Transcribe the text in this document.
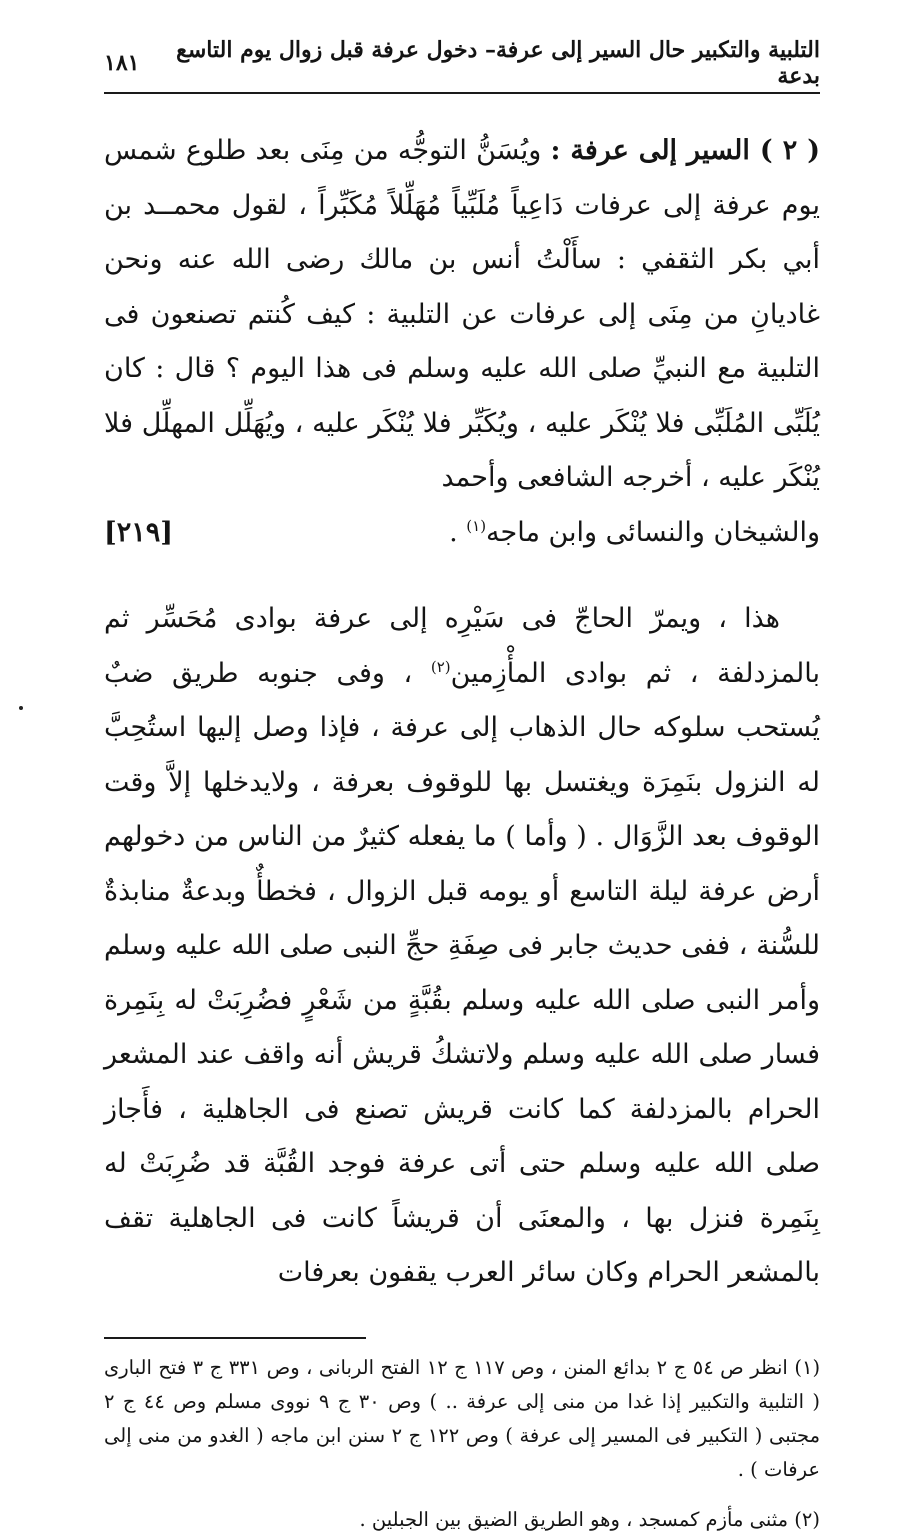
التلبية والتكبير حال السير إلى عرفة– دخول عرفة قبل زوال يوم التاسع بدعة
١٨١

( ٢ ) السير إلى عرفة : ويُسَنُّ التوجُّه من مِنَى بعد طلوع شمس يوم عرفة إلى عرفات دَاعِياً مُلَبِّياً مُهَلِّلاً مُكَبِّراً ، لقول محمــد بن أبي بكر الثقفي : سأَلْتُ أنس بن مالك رضى الله عنه ونحن غاديانِ من مِنَى إلى عرفات عن التلبية : كيف كُنتم تصنعون فى التلبية مع النبيِّ صلى الله عليه وسلم فى هذا اليوم ؟ قال : كان يُلَبِّى المُلَبِّى فلا يُنْكَر عليه ، ويُكَبِّر فلا يُنْكَر عليه ، ويُهَلِّل المهلِّل فلا يُنْكَر عليه ، أخرجه الشافعى وأحمد

والشيخان والنسائى وابن ماجه$^{(١)}$ .
[٢١٩]

هذا ، ويمرّ الحاجّ فى سَيْرِه إلى عرفة بوادى مُحَسِّر ثم بالمزدلفة ، ثم بوادى المأْزِمين$^{(٢)}$ ، وفى جنوبه طريق ضبٌ يُستحب سلوكه حال الذهاب إلى عرفة ، فإذا وصل إليها استُحِبَّ له النزول بنَمِرَة ويغتسل بها للوقوف بعرفة ، ولايدخلها إلاَّ وقت الوقوف بعد الزَّوَال . ( وأما ) ما يفعله كثيرٌ من الناس من دخولهم أرض عرفة ليلة التاسع أو يومه قبل الزوال ، فخطأٌ وبدعةٌ منابذةٌ للسُّنة ، ففى حديث جابر فى صِفَةِ حجِّ النبى صلى الله عليه وسلم وأمر النبى صلى الله عليه وسلم بقُبَّةٍ من شَعْرٍ فضُرِبَتْ له بِنَمِرة فسار صلى الله عليه وسلم ولاتشكُ قريش أنه واقف عند المشعر الحرام بالمزدلفة كما كانت قريش تصنع فى الجاهلية ، فأَجاز صلى الله عليه وسلم حتى أتى عرفة فوجد القُبَّة قد ضُرِبَتْ له بِنَمِرة فنزل بها ، والمعنَى أن قريشاً كانت فى الجاهلية تقف بالمشعر الحرام وكان سائر العرب يقفون بعرفات

(١) انظر ص ٥٤ ج ٢ بدائع المنن ، وص ١١٧ ج ١٢ الفتح الربانى ، وص ٣٣١ ج ٣ فتح البارى ( التلبية والتكبير إذا غدا من منى إلى عرفة .. ) وص ٣٠ ج ٩ نووى مسلم وص ٤٤ ج ٢ مجتبى ( التكبير فى المسير إلى عرفة ) وص ١٢٢ ج ٢ سنن ابن ماجه ( الغدو من منى إلى عرفات ) .

(٢) مثنى مأزم كمسجد ، وهو الطريق الضيق بين الجبلين .
